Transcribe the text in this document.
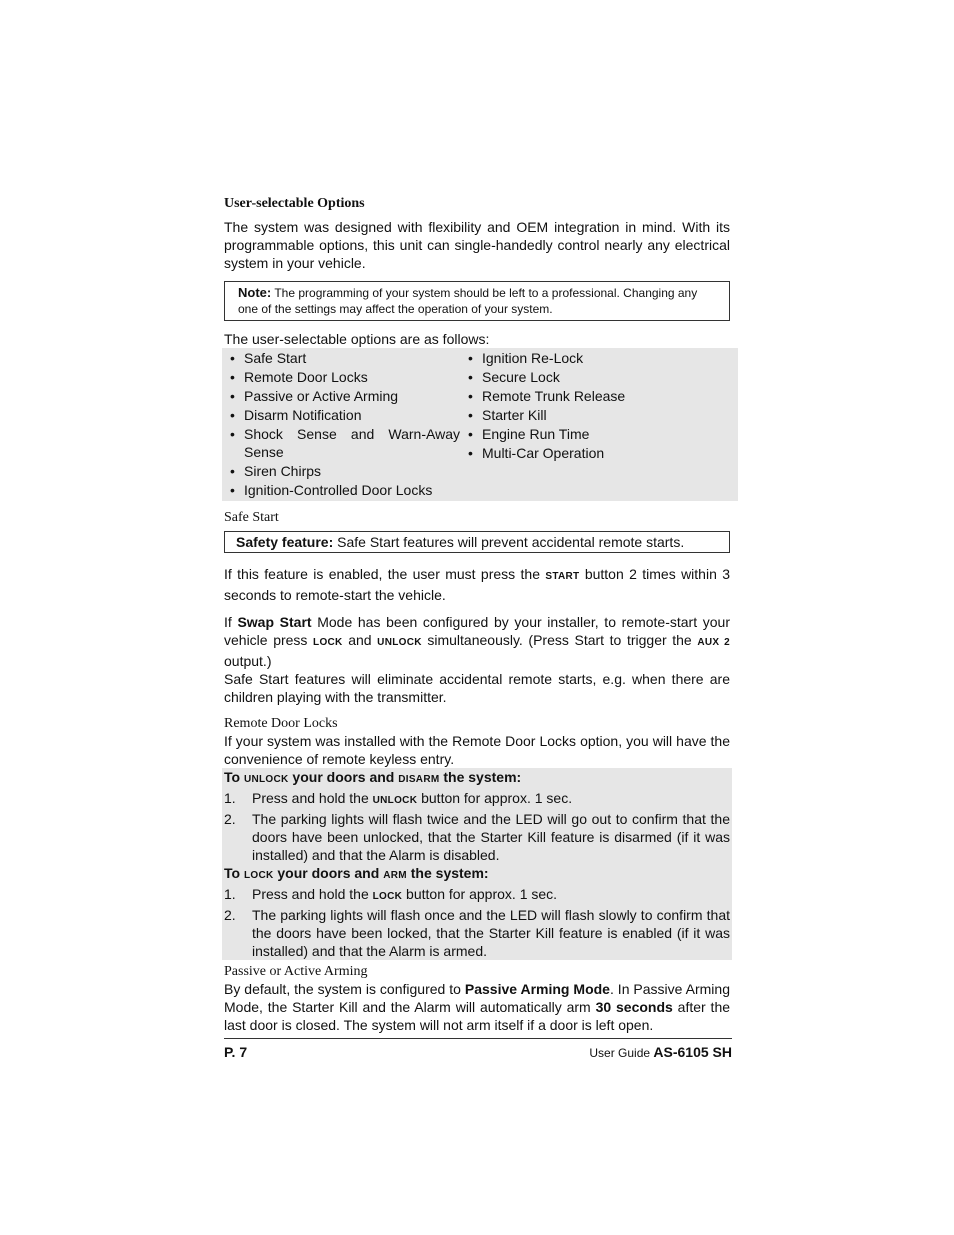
User-selectable Options

The system was designed with flexibility and OEM integration in mind. With its programmable options, this unit can single-handedly control nearly any electrical system in your vehicle.

Note: The programming of your system should be left to a professional. Changing any one of the settings may affect the operation of your system.

The user-selectable options are as follows:

• Safe Start
• Remote Door Locks
• Passive or Active Arming
• Disarm Notification
• Shock Sense and Warn-Away Sense
• Siren Chirps
• Ignition-Controlled Door Locks
• Ignition Re-Lock
• Secure Lock
• Remote Trunk Release
• Starter Kill
• Engine Run Time
• Multi-Car Operation
Safe Start
Safety feature: Safe Start features will prevent accidental remote starts.

If this feature is enabled, the user must press the START button 2 times within 3 seconds to remote-start the vehicle.

If Swap Start Mode has been configured by your installer, to remote-start your vehicle press LOCK and UNLOCK simultaneously. (Press Start to trigger the AUX 2 output.)

Safe Start features will eliminate accidental remote starts, e.g. when there are children playing with the transmitter.

Remote Door Locks

If your system was installed with the Remote Door Locks option, you will have the convenience of remote keyless entry.

To UNLOCK your doors and DISARM the system:
1. Press and hold the UNLOCK button for approx. 1 sec.
2. The parking lights will flash twice and the LED will go out to confirm that the doors have been unlocked, that the Starter Kill feature is disarmed (if it was installed) and that the Alarm is disabled.
To LOCK your doors and ARM the system:
1. Press and hold the LOCK button for approx. 1 sec.
2. The parking lights will flash once and the LED will flash slowly to confirm that the doors have been locked, that the Starter Kill feature is enabled (if it was installed) and that the Alarm is armed.
Passive or Active Arming

By default, the system is configured to Passive Arming Mode. In Passive Arming Mode, the Starter Kill and the Alarm will automatically arm 30 seconds after the last door is closed. The system will not arm itself if a door is left open.

P. 7	User Guide AS-6105 SH
